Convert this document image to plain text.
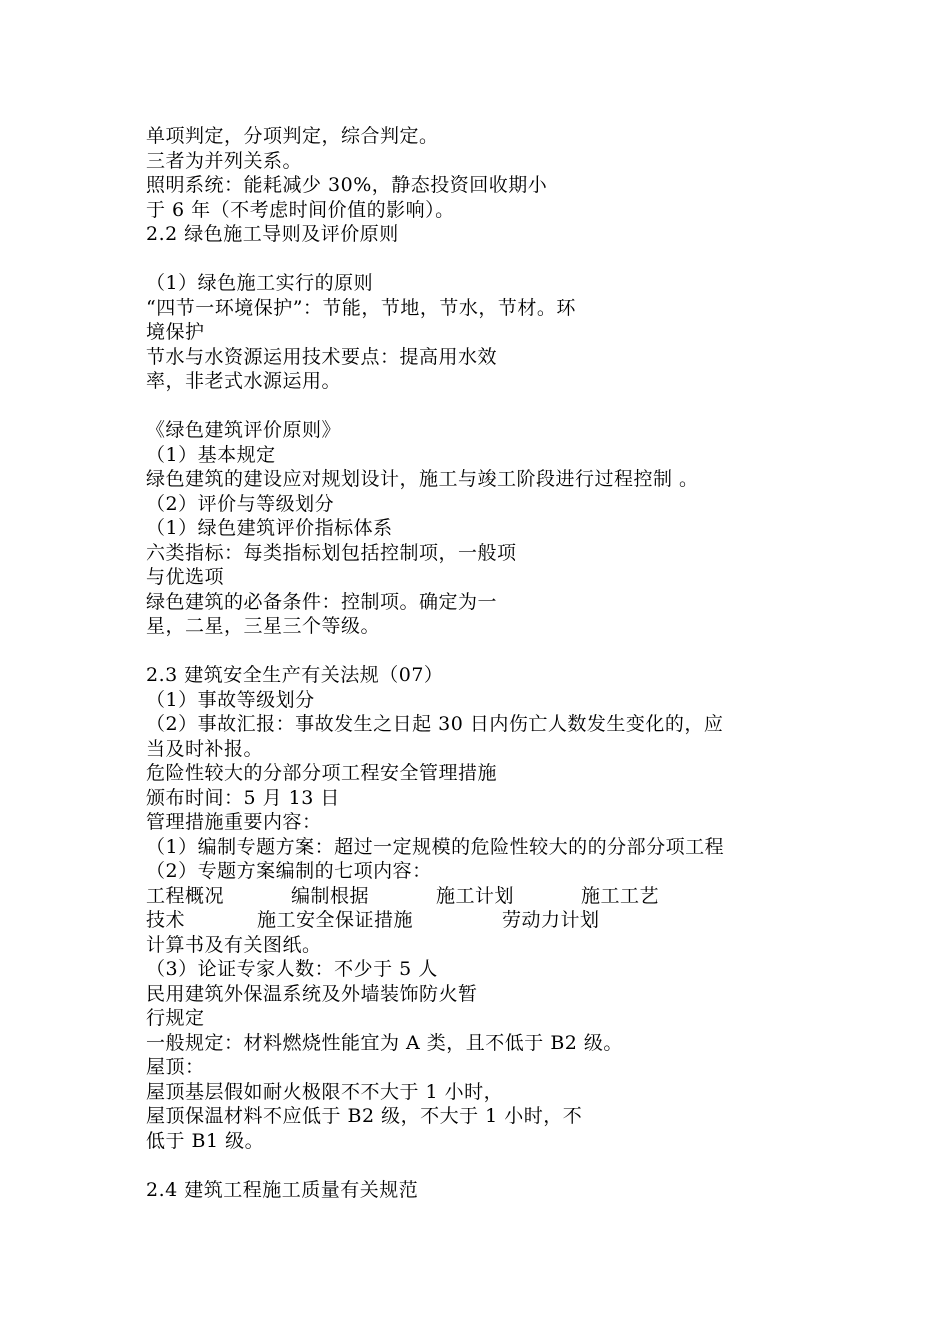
单项判定，分项判定，综合判定。
三者为并列关系。
照明系统：能耗减少 30%，静态投资回收期小
于 6 年（不考虑时间价值的影响）。
2.2 绿色施工导则及评价原则
（1）绿色施工实行的原则
“四节一环境保护”：节能，节地，节水，节材。环
境保护
节水与水资源运用技术要点：提高用水效
率，非老式水源运用。
《绿色建筑评价原则》
（1）基本规定
绿色建筑的建设应对规划设计，施工与竣工阶段进行过程控制 。
（2）评价与等级划分
（1）绿色建筑评价指标体系
六类指标：每类指标划包括控制项，一般项
与优选项
绿色建筑的必备条件：控制项。确定为一
星，二星，三星三个等级。
2.3 建筑安全生产有关法规（07）
（1）事故等级划分
（2）事故汇报：事故发生之日起 30 日内伤亡人数发生变化的，应
当及时补报。
危险性较大的分部分项工程安全管理措施
颁布时间：5 月 13 日
管理措施重要内容：
（1）编制专题方案：超过一定规模的危险性较大的的分部分项工程
（2）专题方案编制的七项内容：
工程概况	编制根据	施工计划	施工工艺
技术	施工安全保证措施	劳动力计划
计算书及有关图纸。
（3）论证专家人数：不少于 5 人
民用建筑外保温系统及外墙装饰防火暂
行规定
一般规定：材料燃烧性能宜为 A 类，且不低于 B2 级。
屋顶：
屋顶基层假如耐火极限不不大于 1 小时，
屋顶保温材料不应低于 B2 级，不大于 1 小时，不
低于 B1 级。
2.4 建筑工程施工质量有关规范
